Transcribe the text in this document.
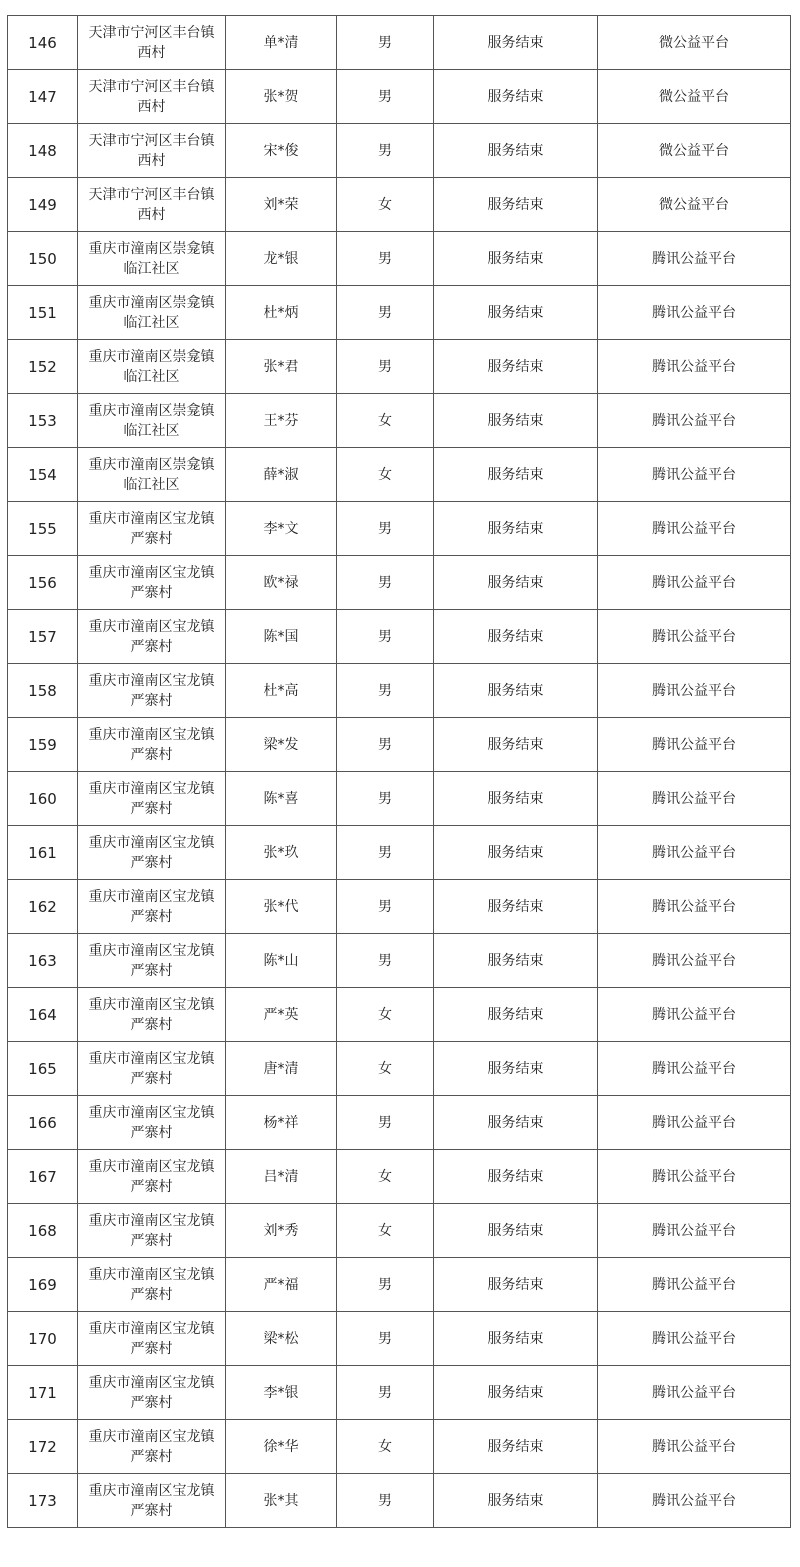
146	天津市宁河区丰台镇西村	单*清	男	服务结束	微公益平台
147	天津市宁河区丰台镇西村	张*贺	男	服务结束	微公益平台
148	天津市宁河区丰台镇西村	宋*俊	男	服务结束	微公益平台
149	天津市宁河区丰台镇西村	刘*荣	女	服务结束	微公益平台
150	重庆市潼南区崇龛镇临江社区	龙*银	男	服务结束	腾讯公益平台
151	重庆市潼南区崇龛镇临江社区	杜*炳	男	服务结束	腾讯公益平台
152	重庆市潼南区崇龛镇临江社区	张*君	男	服务结束	腾讯公益平台
153	重庆市潼南区崇龛镇临江社区	王*芬	女	服务结束	腾讯公益平台
154	重庆市潼南区崇龛镇临江社区	薛*淑	女	服务结束	腾讯公益平台
155	重庆市潼南区宝龙镇严寨村	李*文	男	服务结束	腾讯公益平台
156	重庆市潼南区宝龙镇严寨村	欧*禄	男	服务结束	腾讯公益平台
157	重庆市潼南区宝龙镇严寨村	陈*国	男	服务结束	腾讯公益平台
158	重庆市潼南区宝龙镇严寨村	杜*高	男	服务结束	腾讯公益平台
159	重庆市潼南区宝龙镇严寨村	梁*发	男	服务结束	腾讯公益平台
160	重庆市潼南区宝龙镇严寨村	陈*喜	男	服务结束	腾讯公益平台
161	重庆市潼南区宝龙镇严寨村	张*玖	男	服务结束	腾讯公益平台
162	重庆市潼南区宝龙镇严寨村	张*代	男	服务结束	腾讯公益平台
163	重庆市潼南区宝龙镇严寨村	陈*山	男	服务结束	腾讯公益平台
164	重庆市潼南区宝龙镇严寨村	严*英	女	服务结束	腾讯公益平台
165	重庆市潼南区宝龙镇严寨村	唐*清	女	服务结束	腾讯公益平台
166	重庆市潼南区宝龙镇严寨村	杨*祥	男	服务结束	腾讯公益平台
167	重庆市潼南区宝龙镇严寨村	吕*清	女	服务结束	腾讯公益平台
168	重庆市潼南区宝龙镇严寨村	刘*秀	女	服务结束	腾讯公益平台
169	重庆市潼南区宝龙镇严寨村	严*福	男	服务结束	腾讯公益平台
170	重庆市潼南区宝龙镇严寨村	梁*松	男	服务结束	腾讯公益平台
171	重庆市潼南区宝龙镇严寨村	李*银	男	服务结束	腾讯公益平台
172	重庆市潼南区宝龙镇严寨村	徐*华	女	服务结束	腾讯公益平台
173	重庆市潼南区宝龙镇严寨村	张*其	男	服务结束	腾讯公益平台
